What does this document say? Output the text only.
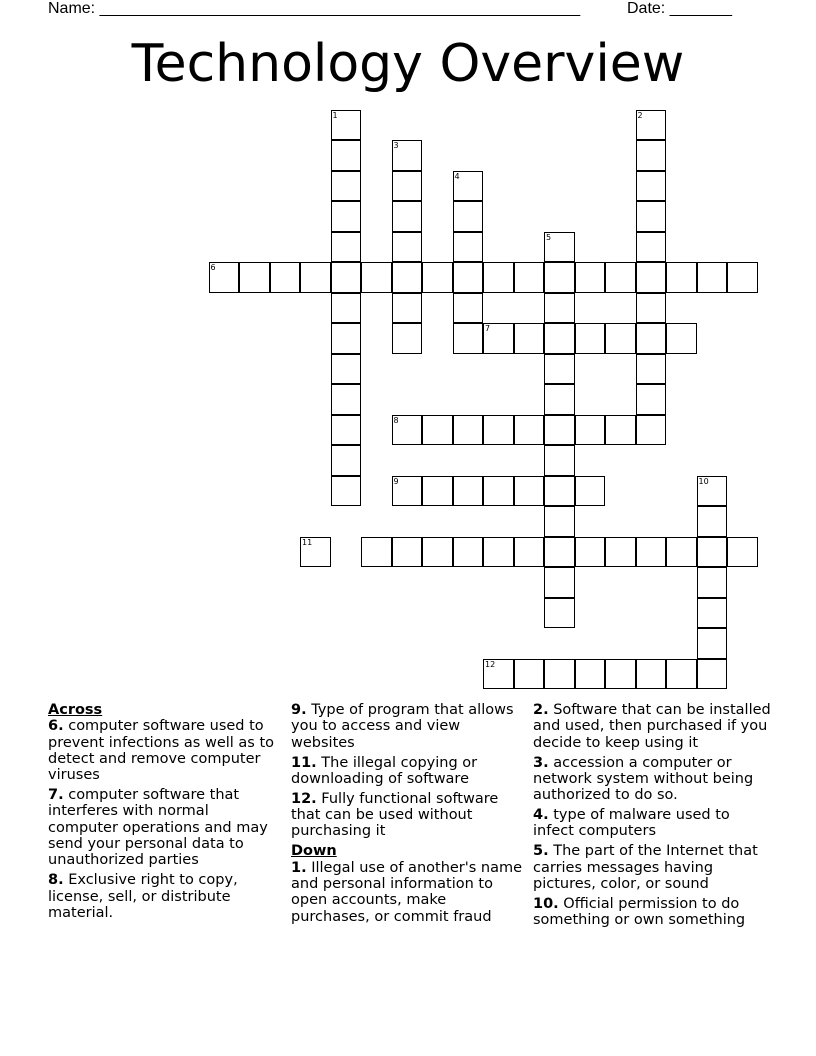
Name: ______________________________________________________	Date: _______
Technology Overview
1
3
4
5
2
6
7
8
9	10
11
12
Across
6. computer software used to prevent infections as well as to detect and remove computer viruses
7. computer software that interferes with normal computer operations and may send your personal data to unauthorized parties
8. Exclusive right to copy, license, sell, or distribute material.
9. Type of program that allows you to access and view websites
11. The illegal copying or downloading of software
12. Fully functional software that can be used without purchasing it
Down
1. Illegal use of another's name and personal information to open accounts, make purchases, or commit fraud
2. Software that can be installed and used, then purchased if you decide to keep using it
3. accession a computer or network system without being authorized to do so.
4. type of malware used to infect computers
5. The part of the Internet that carries messages having pictures, color, or sound
10. Official permission to do something or own something
